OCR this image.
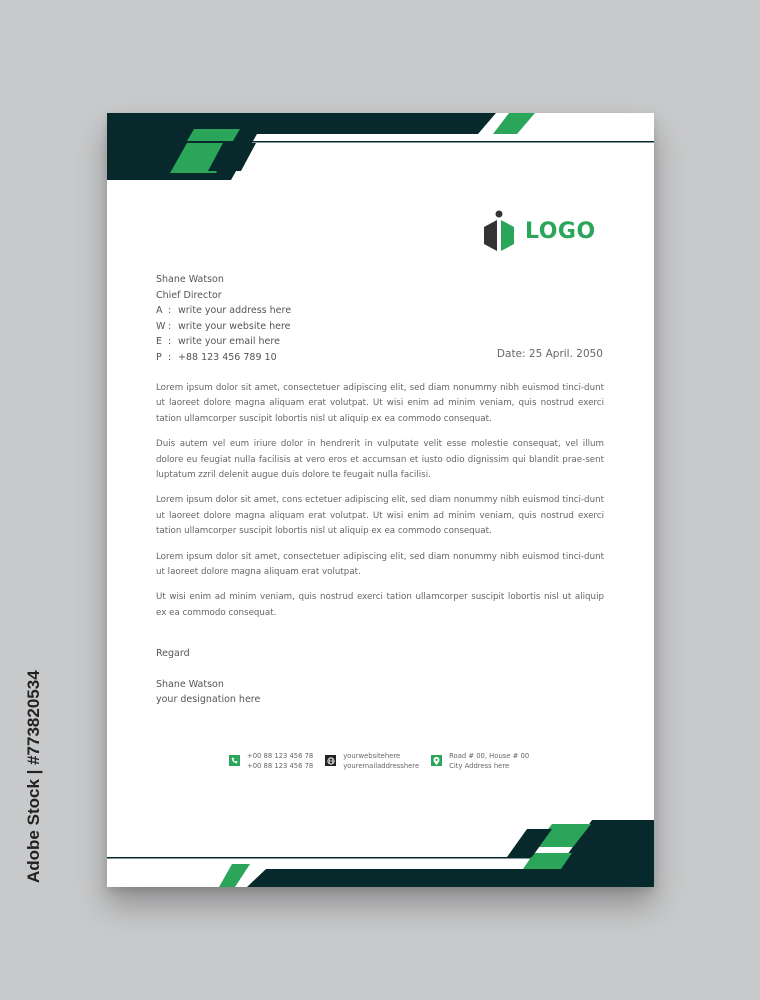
LOGO
Shane Watson
Chief Director
A : write your address here
W : write your website here
E : write your email here
P : +88 123 456 789 10	Date: 25 April. 2050

Lorem ipsum dolor sit amet, consectetuer adipiscing elit, sed diam nonummy nibh euismod tinci-dunt ut laoreet dolore magna aliquam erat volutpat. Ut wisi enim ad minim veniam, quis nostrud exerci tation ullamcorper suscipit lobortis nisl ut aliquip ex ea commodo consequat.

Duis autem vel eum iriure dolor in hendrerit in vulputate velit esse molestie consequat, vel illum dolore eu feugiat nulla facilisis at vero eros et accumsan et iusto odio dignissim qui blandit prae-sent luptatum zzril delenit augue duis dolore te feugait nulla facilisi.

Lorem ipsum dolor sit amet, cons ectetuer adipiscing elit, sed diam nonummy nibh euismod tinci-dunt ut laoreet dolore magna aliquam erat volutpat. Ut wisi enim ad minim veniam, quis nostrud exerci tation ullamcorper suscipit lobortis nisl ut aliquip ex ea commodo consequat.

Lorem ipsum dolor sit amet, consectetuer adipiscing elit, sed diam nonummy nibh euismod tinci-dunt ut laoreet dolore magna aliquam erat volutpat.

Ut wisi enim ad minim veniam, quis nostrud exerci tation ullamcorper suscipit lobortis nisl ut aliquip ex ea commodo consequat.

Regard
Shane Watson
your designation here
+00 88 123 456 78
+00 88 123 456 78
yourwebsitehere
youremailaddresshere
Road # 00, House # 00
City Address here
Adobe Stock | #773820534
